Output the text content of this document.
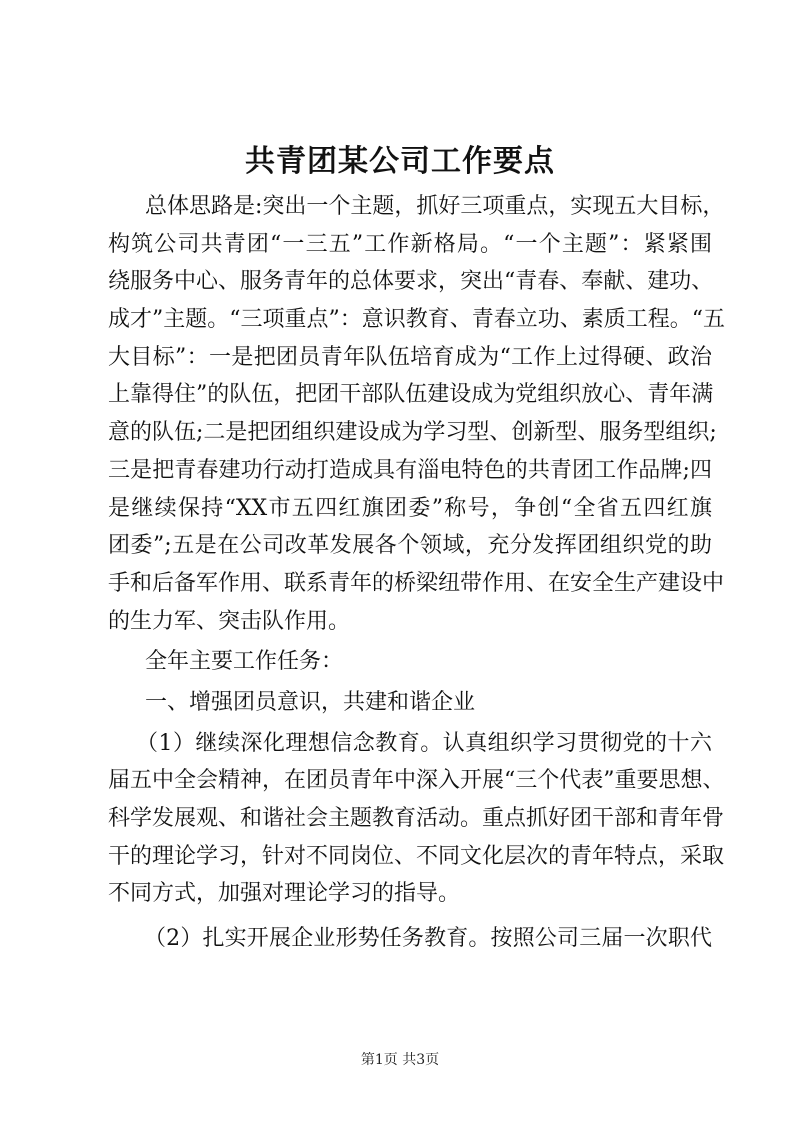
共青团某公司工作要点
总体思路是:突出一个主题，抓好三项重点，实现五大目标，
构筑公司共青团“一三五”工作新格局。“一个主题”：紧紧围
绕服务中心、服务青年的总体要求，突出“青春、奉献、建功、
成才”主题。“三项重点”：意识教育、青春立功、素质工程。“五
大目标”：一是把团员青年队伍培育成为“工作上过得硬、政治
上靠得住”的队伍，把团干部队伍建设成为党组织放心、青年满
意的队伍;二是把团组织建设成为学习型、创新型、服务型组织;
三是把青春建功行动打造成具有淄电特色的共青团工作品牌;四
是继续保持“XX市五四红旗团委”称号，争创“全省五四红旗
团委”;五是在公司改革发展各个领域，充分发挥团组织党的助
手和后备军作用、联系青年的桥梁纽带作用、在安全生产建设中
的生力军、突击队作用。
全年主要工作任务：
一、增强团员意识，共建和谐企业
（1）继续深化理想信念教育。认真组织学习贯彻党的十六
届五中全会精神，在团员青年中深入开展“三个代表”重要思想、
科学发展观、和谐社会主题教育活动。重点抓好团干部和青年骨
干的理论学习，针对不同岗位、不同文化层次的青年特点，采取
不同方式，加强对理论学习的指导。
（2）扎实开展企业形势任务教育。按照公司三届一次职代
第1页 共3页
